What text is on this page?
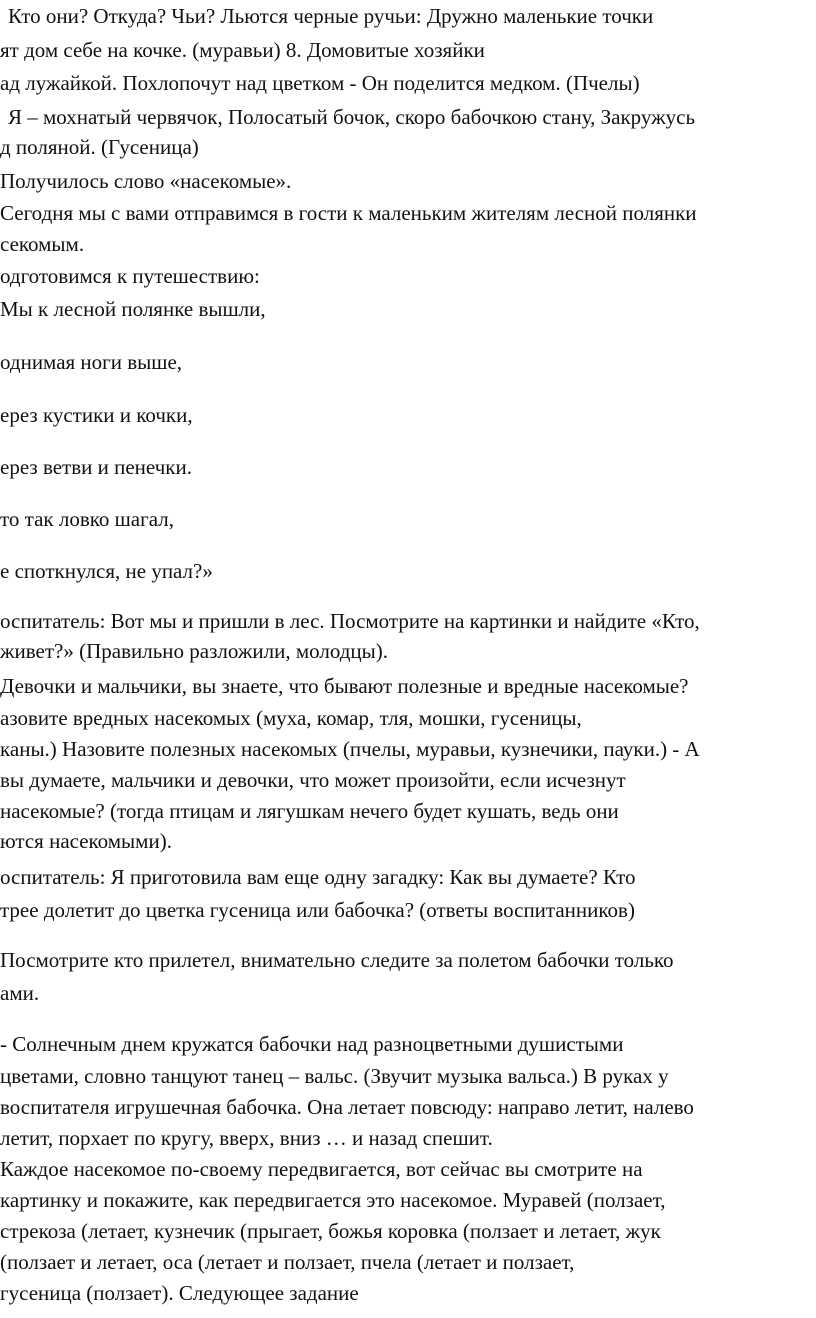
Кто они? Откуда? Чьи? Льются черные ручьи: Дружно маленькие точки
ят дом себе на кочке. (муравьи) 8. Домовитые хозяйки
ад лужайкой. Похлопочут над цветком - Он поделится медком. (Пчелы)
Я – мохнатый червячок, Полосатый бочок, скоро бабочкою стану, Закружусь
д поляной. (Гусеница)
Получилось слово «насекомые».
Сегодня мы с вами отправимся в гости к маленьким жителям лесной полянки
секомым.
одготовимся к путешествию:
Мы к лесной полянке вышли,
однимая ноги выше,
ерез кустики и кочки,
ерез ветви и пенечки.
то так ловко шагал,
е споткнулся, не упал?»
оспитатель: Вот мы и пришли в лес. Посмотрите на картинки и найдите «Кто,
живет?» (Правильно разложили, молодцы).
Девочки и мальчики, вы знаете, что бывают полезные и вредные насекомые?
азовите вредных насекомых (муха, комар, тля, мошки, гусеницы,
каны.) Назовите полезных насекомых (пчелы, муравьи, кузнечики, пауки.) - А
вы думаете, мальчики и девочки, что может произойти, если исчезнут
насекомые? (тогда птицам и лягушкам нечего будет кушать, ведь они
ются насекомыми).
оспитатель: Я приготовила вам еще одну загадку: Как вы думаете? Кто
трее долетит до цветка гусеница или бабочка? (ответы воспитанников)
Посмотрите кто прилетел, внимательно следите за полетом бабочки только
ами.
- Солнечным днем кружатся бабочки над разноцветными душистыми
цветами, словно танцуют танец – вальс. (Звучит музыка вальса.) В руках у
воспитателя игрушечная бабочка. Она летает повсюду: направо летит, налево
летит, порхает по кругу, вверх, вниз … и назад спешит.
Каждое насекомое по-своему передвигается, вот сейчас вы смотрите на
картинку и покажите, как передвигается это насекомое. Муравей (ползает,
стрекоза (летает, кузнечик (прыгает, божья коровка (ползает и летает, жук
(ползает и летает, оса (летает и ползает, пчела (летает и ползает,
гусеница (ползает). Следующее задание
